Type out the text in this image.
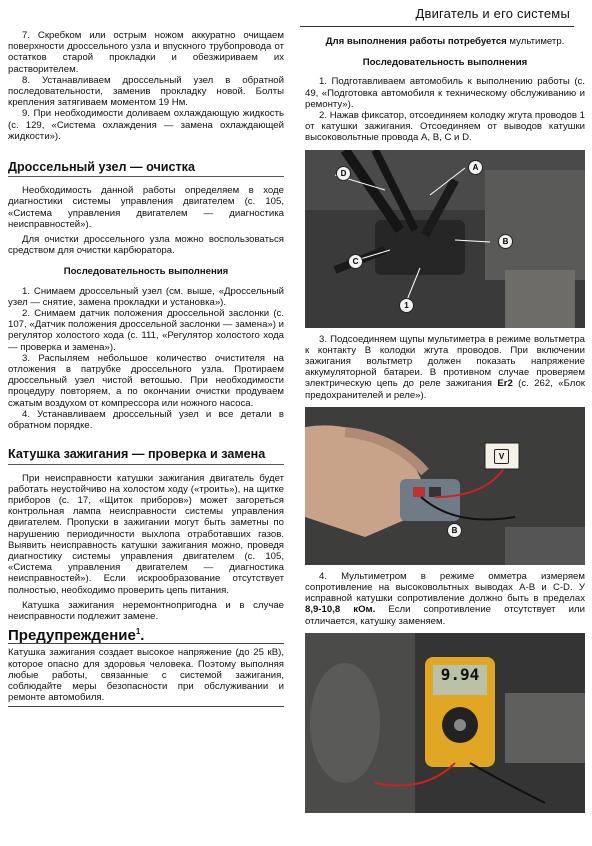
Двигатель и его системы

7. Скребком или острым ножом аккуратно очищаем поверхности дроссельного узла и впускного трубопровода от остатков старой прокладки и обезжириваем их растворителем.

8. Устанавливаем дроссельный узел в обратной последовательности, заменив прокладку новой. Болты крепления затягиваем моментом 19 Нм.

9. При необходимости доливаем охлаждающую жидкость (с. 129, «Система охлаждения — замена охлаждающей жидкости»).

Дроссельный узел — очистка

Необходимость данной работы определяем в ходе диагностики системы управления двигателем (с. 105, «Система управления двигателем — диагностика неисправностей»).

Для очистки дроссельного узла можно воспользоваться средством для очистки карбюратора.

Последовательность выполнения

1. Снимаем дроссельный узел (см. выше, «Дроссельный узел — снятие, замена прокладки и установка»).

2. Снимаем датчик положения дроссельной заслонки (с. 107, «Датчик положения дроссельной заслонки — замена») и регулятор холостого хода (с. 111, «Регулятор холостого хода — проверка и замена»).

3. Распыляем небольшое количество очистителя на отложения в патрубке дроссельного узла. Протираем дроссельный узел чистой ветошью. При необходимости процедуру повторяем, а по окончании очистки продуваем сжатым воздухом от компрессора или ножного насоса.

4. Устанавливаем дроссельный узел и все детали в обратном порядке.

Катушка зажигания — проверка и замена

При неисправности катушки зажигания двигатель будет работать неустойчиво на холостом ходу («троить»), на щитке приборов (с. 17, «Щиток приборов») может загореться контрольная лампа неисправности системы управления двигателем. Пропуски в зажигании могут быть заметны по нарушению периодичности выхлопа отработавших газов. Выявить неисправность катушки зажигания можно, проведя диагностику системы управления двигателем (с. 105, «Система управления двигателем — диагностика неисправностей»). Если искрообразование отсутствует полностью, необходимо проверить цепь питания.

Катушка зажигания неремонтнопригодна и в случае неисправности подлежит замене.

Предупреждение$^1$.

Катушка зажигания создает высокое напряжение (до 25 кВ), которое опасно для здоровья человека. Поэтому выполняя любые работы, связанные с системой зажигания, соблюдайте меры безопасности при обслуживании и ремонте автомобиля.

Для выполнения работы потребуется мультиметр.

Последовательность выполнения

1. Подготавливаем автомобиль к выполнению работы (с. 49, «Подготовка автомобиля к техническому обслуживанию и ремонту»).

2. Нажав фиксатор, отсоединяем колодку жгута проводов 1 от катушки зажигания. Отсоединяем от выводов катушки высоковольтные провода A, B, C и D.

D
A
B
C
1

3. Подсоединяем щупы мультиметра в режиме вольтметра к контакту B колодки жгута проводов. При включении зажигания вольтметр должен показать напряжение аккумуляторной батареи. В противном случае проверяем электрическую цепь до реле зажигания Er2 (с. 262, «Блок предохранителей и реле»).

V
B

4. Мультиметром в режиме омметра измеряем сопротивление на высоковольтных выводах A-B и C-D. У исправной катушки сопротивление должно быть в пределах 8,9-10,8 кОм. Если сопротивление отсутствует или отличается, катушку заменяем.

9.94
